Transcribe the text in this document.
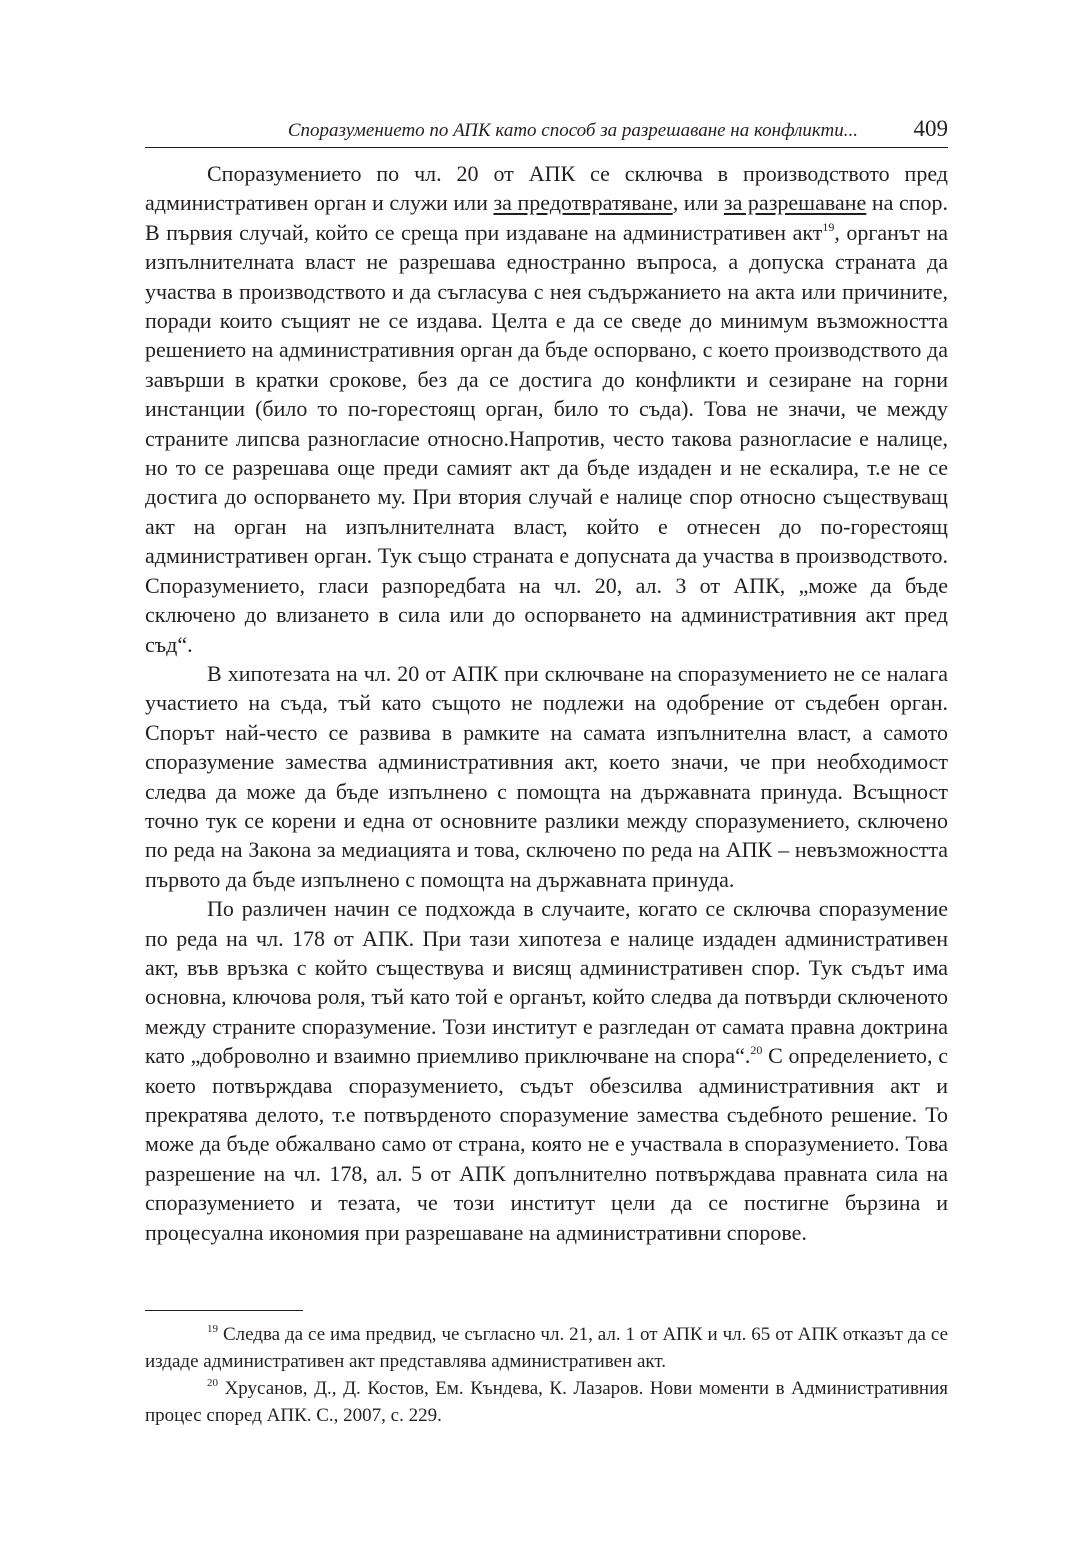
Споразумението по АПК като способ за разрешаване на конфликти... 409

Споразумението по чл. 20 от АПК се сключва в производството пред административен орган и служи или за предотвратяване, или за разрешаване на спор. В първия случай, който се среща при издаване на административен акт$^{19}$, органът на изпълнителната власт не разрешава едностранно въпроса, а допуска страната да участва в производството и да съгласува с нея съдържанието на акта или причините, поради които същият не се издава. Целта е да се сведе до минимум възможността решението на административния орган да бъде оспорвано, с което производството да завърши в кратки срокове, без да се достига до конфликти и сезиране на горни инстанции (било то по-горестоящ орган, било то съда). Това не значи, че между страните липсва разногласие относно.Напротив, често такова разногласие е налице, но то се разрешава още преди самият акт да бъде издаден и не ескалира, т.е не се достига до оспорването му. При втория случай е налице спор относно съществуващ акт на орган на изпълнителната власт, който е отнесен до по-горестоящ административен орган. Тук също страната е допусната да участва в производството. Споразумението, гласи разпоредбата на чл. 20, ал. 3 от АПК, „може да бъде сключено до влизането в сила или до оспорването на административния акт пред съд“.

В хипотезата на чл. 20 от АПК при сключване на споразумението не се налага участието на съда, тъй като същото не подлежи на одобрение от съдебен орган. Спорът най-често се развива в рамките на самата изпълнителна власт, а самото споразумение замества административния акт, което значи, че при необходимост следва да може да бъде изпълнено с помощта на държавната принуда. Всъщност точно тук се корени и една от основните разлики между споразумението, сключено по реда на Закона за медиацията и това, сключено по реда на АПК – невъзможността първото да бъде изпълнено с помощта на държавната принуда.

По различен начин се подхожда в случаите, когато се сключва споразумение по реда на чл. 178 от АПК. При тази хипотеза е налице издаден административен акт, във връзка с който съществува и висящ административен спор. Тук съдът има основна, ключова роля, тъй като той е органът, който следва да потвърди сключеното между страните споразумение. Този институт е разгледан от самата правна доктрина като „доброволно и взаимно приемливо приключване на спора“.$^{20}$ С определението, с което потвърждава споразумението, съдът обезсилва административния акт и прекратява делото, т.е потвърденото споразумение замества съдебното решение. То може да бъде обжалвано само от страна, която не е участвала в споразумението. Това разрешение на чл. 178, ал. 5 от АПК допълнително потвърждава правната сила на споразумението и тезата, че този институт цели да се постигне бързина и процесуална икономия при разрешаване на административни спорове.

$^{19}$ Следва да се има предвид, че съгласно чл. 21, ал. 1 от АПК и чл. 65 от АПК отказът да се издаде административен акт представлява административен акт.

$^{20}$ Хрусанов, Д., Д. Костов, Ем. Къндева, К. Лазаров. Нови моменти в Административния процес според АПК. С., 2007, с. 229.
